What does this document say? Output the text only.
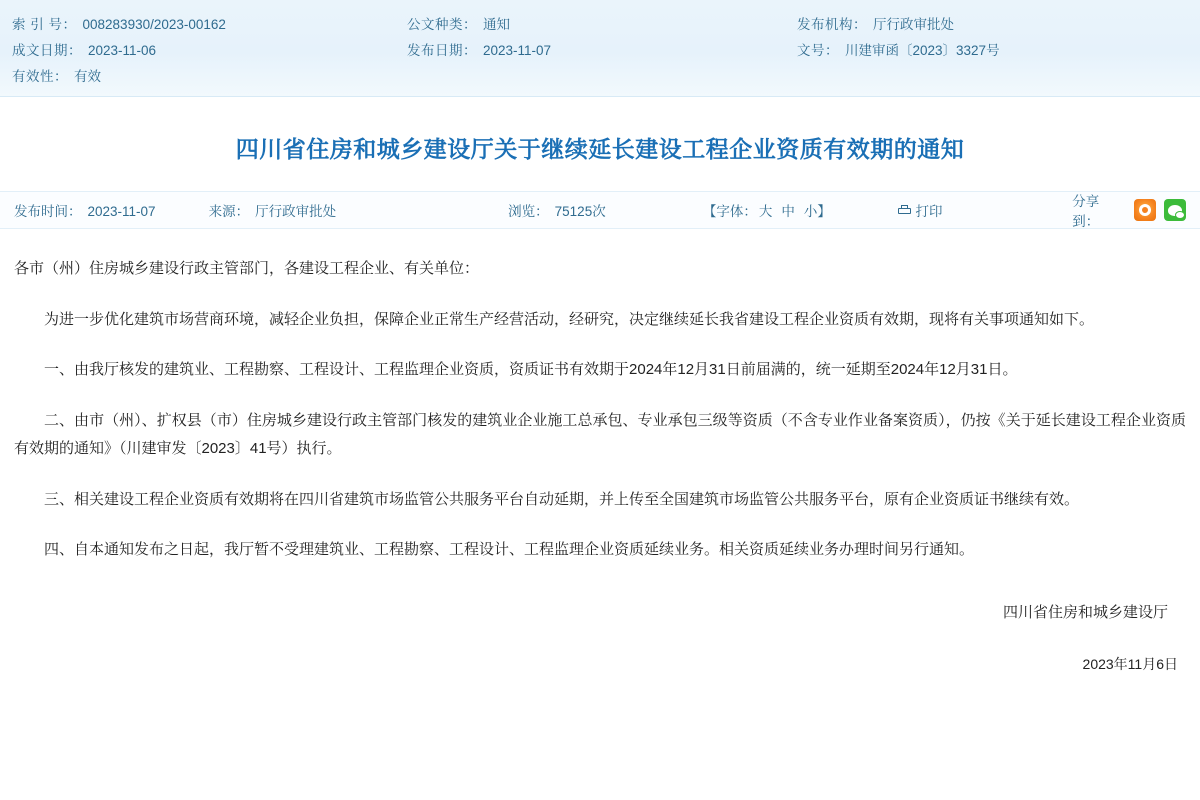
索 引 号： 008283930/2023-00162	公文种类： 通知	发布机构： 厅行政审批处
成文日期： 2023-11-06	发布日期： 2023-11-07	文号： 川建审函〔2023〕3327号
有效性： 有效
四川省住房和城乡建设厅关于继续延长建设工程企业资质有效期的通知
发布时间： 2023-11-07	来源： 厅行政审批处	浏览： 75125次	【字体： 大 中 小 】	打印
分享到：

各市（州）住房城乡建设行政主管部门，各建设工程企业、有关单位：

为进一步优化建筑市场营商环境，减轻企业负担，保障企业正常生产经营活动，经研究，决定继续延长我省建设工程企业资质有效期，现将有关事项通知如下。

一、由我厅核发的建筑业、工程勘察、工程设计、工程监理企业资质，资质证书有效期于2024年12月31日前届满的，统一延期至2024年12月31日。

二、由市（州）、扩权县（市）住房城乡建设行政主管部门核发的建筑业企业施工总承包、专业承包三级等资质（不含专业作业备案资质），仍按《关于延长建设工程企业资质有效期的通知》（川建审发〔2023〕41号）执行。

三、相关建设工程企业资质有效期将在四川省建筑市场监管公共服务平台自动延期，并上传至全国建筑市场监管公共服务平台，原有企业资质证书继续有效。

四、自本通知发布之日起，我厅暂不受理建筑业、工程勘察、工程设计、工程监理企业资质延续业务。相关资质延续业务办理时间另行通知。

四川省住房和城乡建设厅
2023年11月6日
